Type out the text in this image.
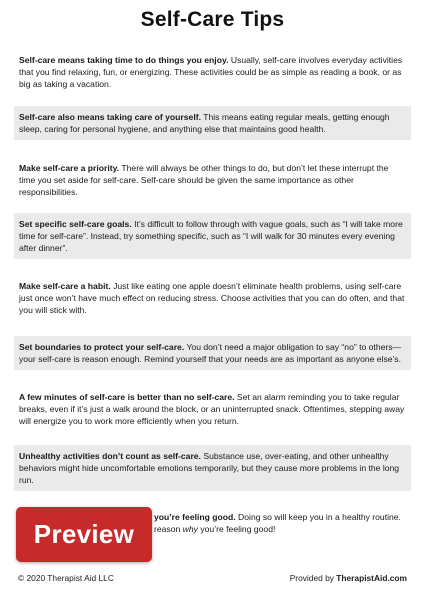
Self-Care Tips
Self-care means taking time to do things you enjoy. Usually, self-care involves everyday activities that you find relaxing, fun, or energizing. These activities could be as simple as reading a book, or as big as taking a vacation.
Self-care also means taking care of yourself. This means eating regular meals, getting enough sleep, caring for personal hygiene, and anything else that maintains good health.
Make self-care a priority. There will always be other things to do, but don’t let these interrupt the time you set aside for self-care. Self-care should be given the same importance as other responsibilities.
Set specific self-care goals. It’s difficult to follow through with vague goals, such as “I will take more time for self-care”. Instead, try something specific, such as “I will walk for 30 minutes every evening after dinner”.
Make self-care a habit. Just like eating one apple doesn’t eliminate health problems, using self-care just once won’t have much effect on reducing stress. Choose activities that you can do often, and that you will stick with.
Set boundaries to protect your self-care. You don’t need a major obligation to say “no” to others—your self-care is reason enough. Remind yourself that your needs are as important as anyone else’s.
A few minutes of self-care is better than no self-care. Set an alarm reminding you to take regular breaks, even if it’s just a walk around the block, or an uninterrupted snack. Oftentimes, stepping away will energize you to work more efficiently when you return.
Unhealthy activities don’t count as self-care. Substance use, over-eating, and other unhealthy behaviors might hide uncomfortable emotions temporarily, but they cause more problems in the long run.
you’re feeling good. Doing so will keep you in a healthy routine.
reason why you’re feeling good!
Preview
© 2020 Therapist Aid LLC	Provided by TherapistAid.com
